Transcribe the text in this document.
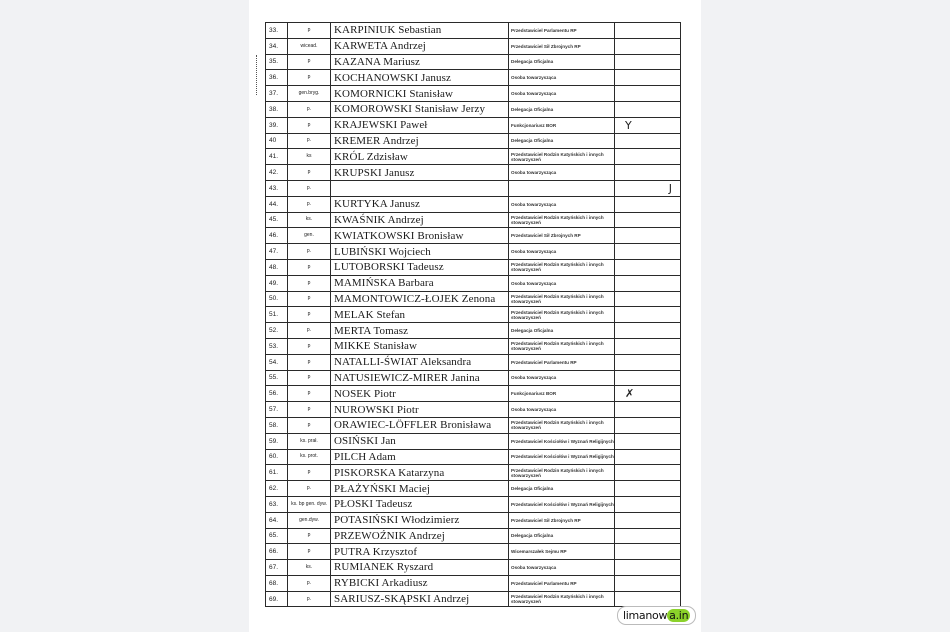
33.	p	KARPINIUK Sebastian	Przedstawiciel Parlamentu RP	
34.	wicead.	KARWETA Andrzej	Przedstawiciel Sił Zbrojnych RP	
35.	p	KAZANA Mariusz	Delegacja Oficjalna	
36.	p	KOCHANOWSKI Janusz	Osoba towarzysząca	
37.	gen.bryg.	KOMORNICKI Stanisław	Osoba towarzysząca	
38.	p.	KOMOROWSKI Stanisław Jerzy	Delegacja Oficjalna	
39.	p	KRAJEWSKI Paweł	Funkcjonariusz BOR	Y
40	p.	KREMER Andrzej	Delegacja Oficjalna	
41.	ks	KRÓL Zdzisław	Przedstawiciel Rodzin Katyńskich i innych stowarzyszeń	
42.	p	KRUPSKI Janusz	Osoba towarzysząca	
43.	p.			J
44.	p.	KURTYKA Janusz	Osoba towarzysząca	
45.	ks.	KWAŚNIK Andrzej	Przedstawiciel Rodzin Katyńskich i innych stowarzyszeń	
46.	gen.	KWIATKOWSKI Bronisław	Przedstawiciel Sił Zbrojnych RP	
47.	p.	LUBIŃSKI Wojciech	Osoba towarzysząca	
48.	p	LUTOBORSKI Tadeusz	Przedstawiciel Rodzin Katyńskich i innych stowarzyszeń	
49.	p	MAMIŃSKA Barbara	Osoba towarzysząca	
50.	p	MAMONTOWICZ-ŁOJEK Zenona	Przedstawiciel Rodzin Katyńskich i innych stowarzyszeń	
51.	p	MELAK Stefan	Przedstawiciel Rodzin Katyńskich i innych stowarzyszeń	
52.	p.	MERTA Tomasz	Delegacja Oficjalna	
53.	p	MIKKE Stanisław	Przedstawiciel Rodzin Katyńskich i innych stowarzyszeń	
54.	p	NATALLI-ŚWIAT Aleksandra	Przedstawiciel Parlamentu RP	
55.	p	NATUSIEWICZ-MIRER Janina	Osoba towarzysząca	
56.	p	NOSEK Piotr	Funkcjonariusz BOR	✗
57.	p	NUROWSKI Piotr	Osoba towarzysząca	
58.	p	ORAWIEC-LÖFFLER Bronisława	Przedstawiciel Rodzin Katyńskich i innych stowarzyszeń	
59.	ks. prał.	OSIŃSKI Jan	Przedstawiciel Kościołów i Wyznań Religijnych	
60.	ks. prot.	PILCH Adam	Przedstawiciel Kościołów i Wyznań Religijnych	
61.	p	PISKORSKA Katarzyna	Przedstawiciel Rodzin Katyńskich i innych stowarzyszeń	
62.	p.	PŁAŻYŃSKI Maciej	Delegacja Oficjalna	
63.	ks. bp gen. dyw.	PŁOSKI Tadeusz	Przedstawiciel Kościołów i Wyznań Religijnych	
64.	gen.dyw.	POTASIŃSKI Włodzimierz	Przedstawiciel Sił Zbrojnych RP	
65.	p	PRZEWOŹNIK Andrzej	Delegacja Oficjalna	
66.	p	PUTRA Krzysztof	Wicemarszałek Sejmu RP	
67.	ks.	RUMIANEK Ryszard	Osoba towarzysząca	
68.	p.	RYBICKI Arkadiusz	Przedstawiciel Parlamentu RP	
69.	p.	SARIUSZ-SKĄPSKI Andrzej	Przedstawiciel Rodzin Katyńskich i innych stowarzyszeń	
limanow a.in
